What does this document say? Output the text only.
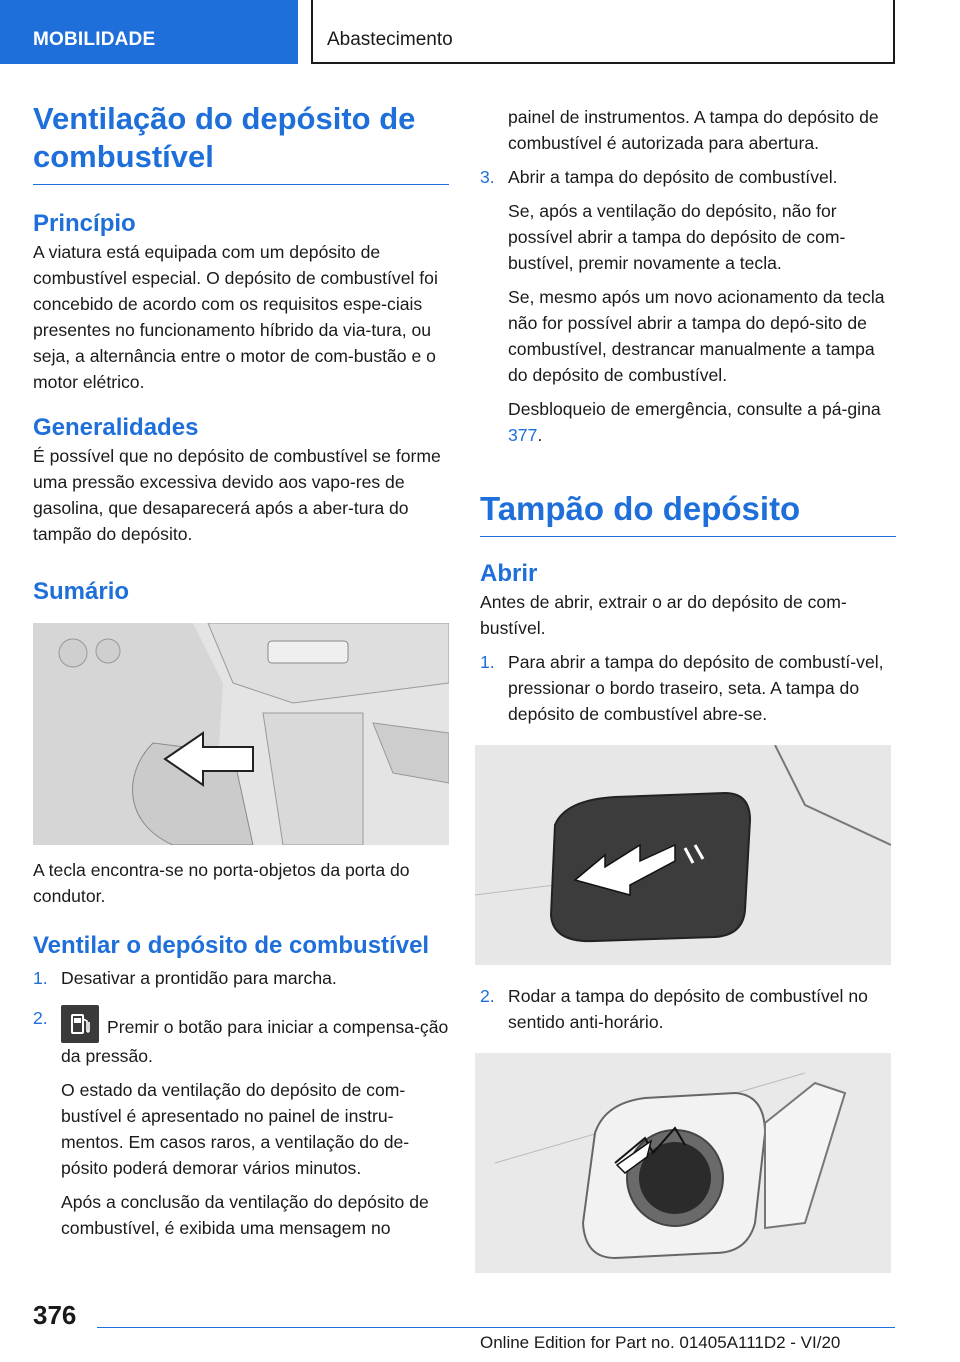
MOBILIDADE	Abastecimento
Ventilação do depósito de combustível
Princípio

A viatura está equipada com um depósito de combustível especial. O depósito de combustível foi concebido de acordo com os requisitos espe‐ciais presentes no funcionamento híbrido da via‐tura, ou seja, a alternância entre o motor de com‐bustão e o motor elétrico.

Generalidades

É possível que no depósito de combustível se forme uma pressão excessiva devido aos vapo‐res de gasolina, que desaparecerá após a aber‐tura do tampão do depósito.

Sumário

A tecla encontra-se no porta-objetos da porta do condutor.

Ventilar o depósito de combustível
1. Desativar a prontidão para marcha.

2.	Premir o botão para iniciar a compensa‐ção da pressão.

O estado da ventilação do depósito de com‐bustível é apresentado no painel de instru‐mentos. Em casos raros, a ventilação do de‐pósito poderá demorar vários minutos.

Após a conclusão da ventilação do depósito de combustível, é exibida uma mensagem no

painel de instrumentos. A tampa do depósito de combustível é autorizada para abertura.

3. Abrir a tampa do depósito de combustível.

Se, após a ventilação do depósito, não for possível abrir a tampa do depósito de com‐bustível, premir novamente a tecla.

Se, mesmo após um novo acionamento da tecla não for possível abrir a tampa do depó‐sito de combustível, destrancar manualmente a tampa do depósito de combustível.

Desbloqueio de emergência, consulte a pá‐gina 377.

Tampão do depósito
Abrir

Antes de abrir, extrair o ar do depósito de com‐bustível.

1. Para abrir a tampa do depósito de combustí‐vel, pressionar o bordo traseiro, seta. A tampa do depósito de combustível abre-se.

2. Rodar a tampa do depósito de combustível no sentido anti-horário.

376
Online Edition for Part no. 01405A111D2 - VI/20
